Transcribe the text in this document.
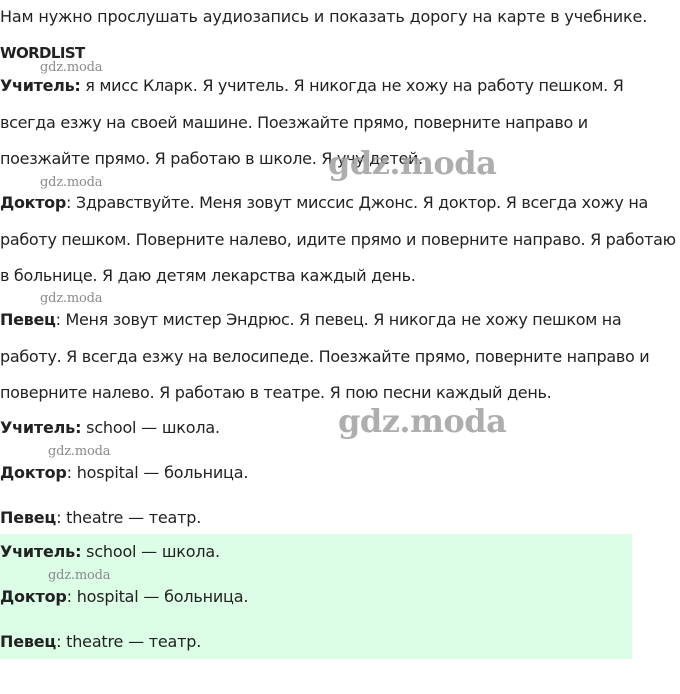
Нам нужно прослушать аудиозапись и показать дорогу на карте в учебнике.
WORDLIST
gdz.moda
Учитель: я мисс Кларк. Я учитель. Я никогда не хожу на работу пешком. Я всегда езжу на своей машине. Поезжайте прямо, поверните направо и поезжайте прямо. Я работаю в школе. Я учу детей.
gdz.moda
gdz.moda
Доктор: Здравствуйте. Меня зовут миссис Джонс. Я доктор. Я всегда хожу на работу пешком. Поверните налево, идите прямо и поверните направо. Я работаю в больнице. Я даю детям лекарства каждый день.
gdz.moda
Певец: Меня зовут мистер Эндрюс. Я певец. Я никогда не хожу пешком на работу. Я всегда езжу на велосипеде. Поезжайте прямо, поверните направо и поверните налево. Я работаю в театре. Я пою песни каждый день.
gdz.moda
Учитель: school — школа.
gdz.moda
Доктор: hospital — больница.
Певец: theatre — театр.
Учитель: school — школа.
gdz.moda
Доктор: hospital — больница.
Певец: theatre — театр.
